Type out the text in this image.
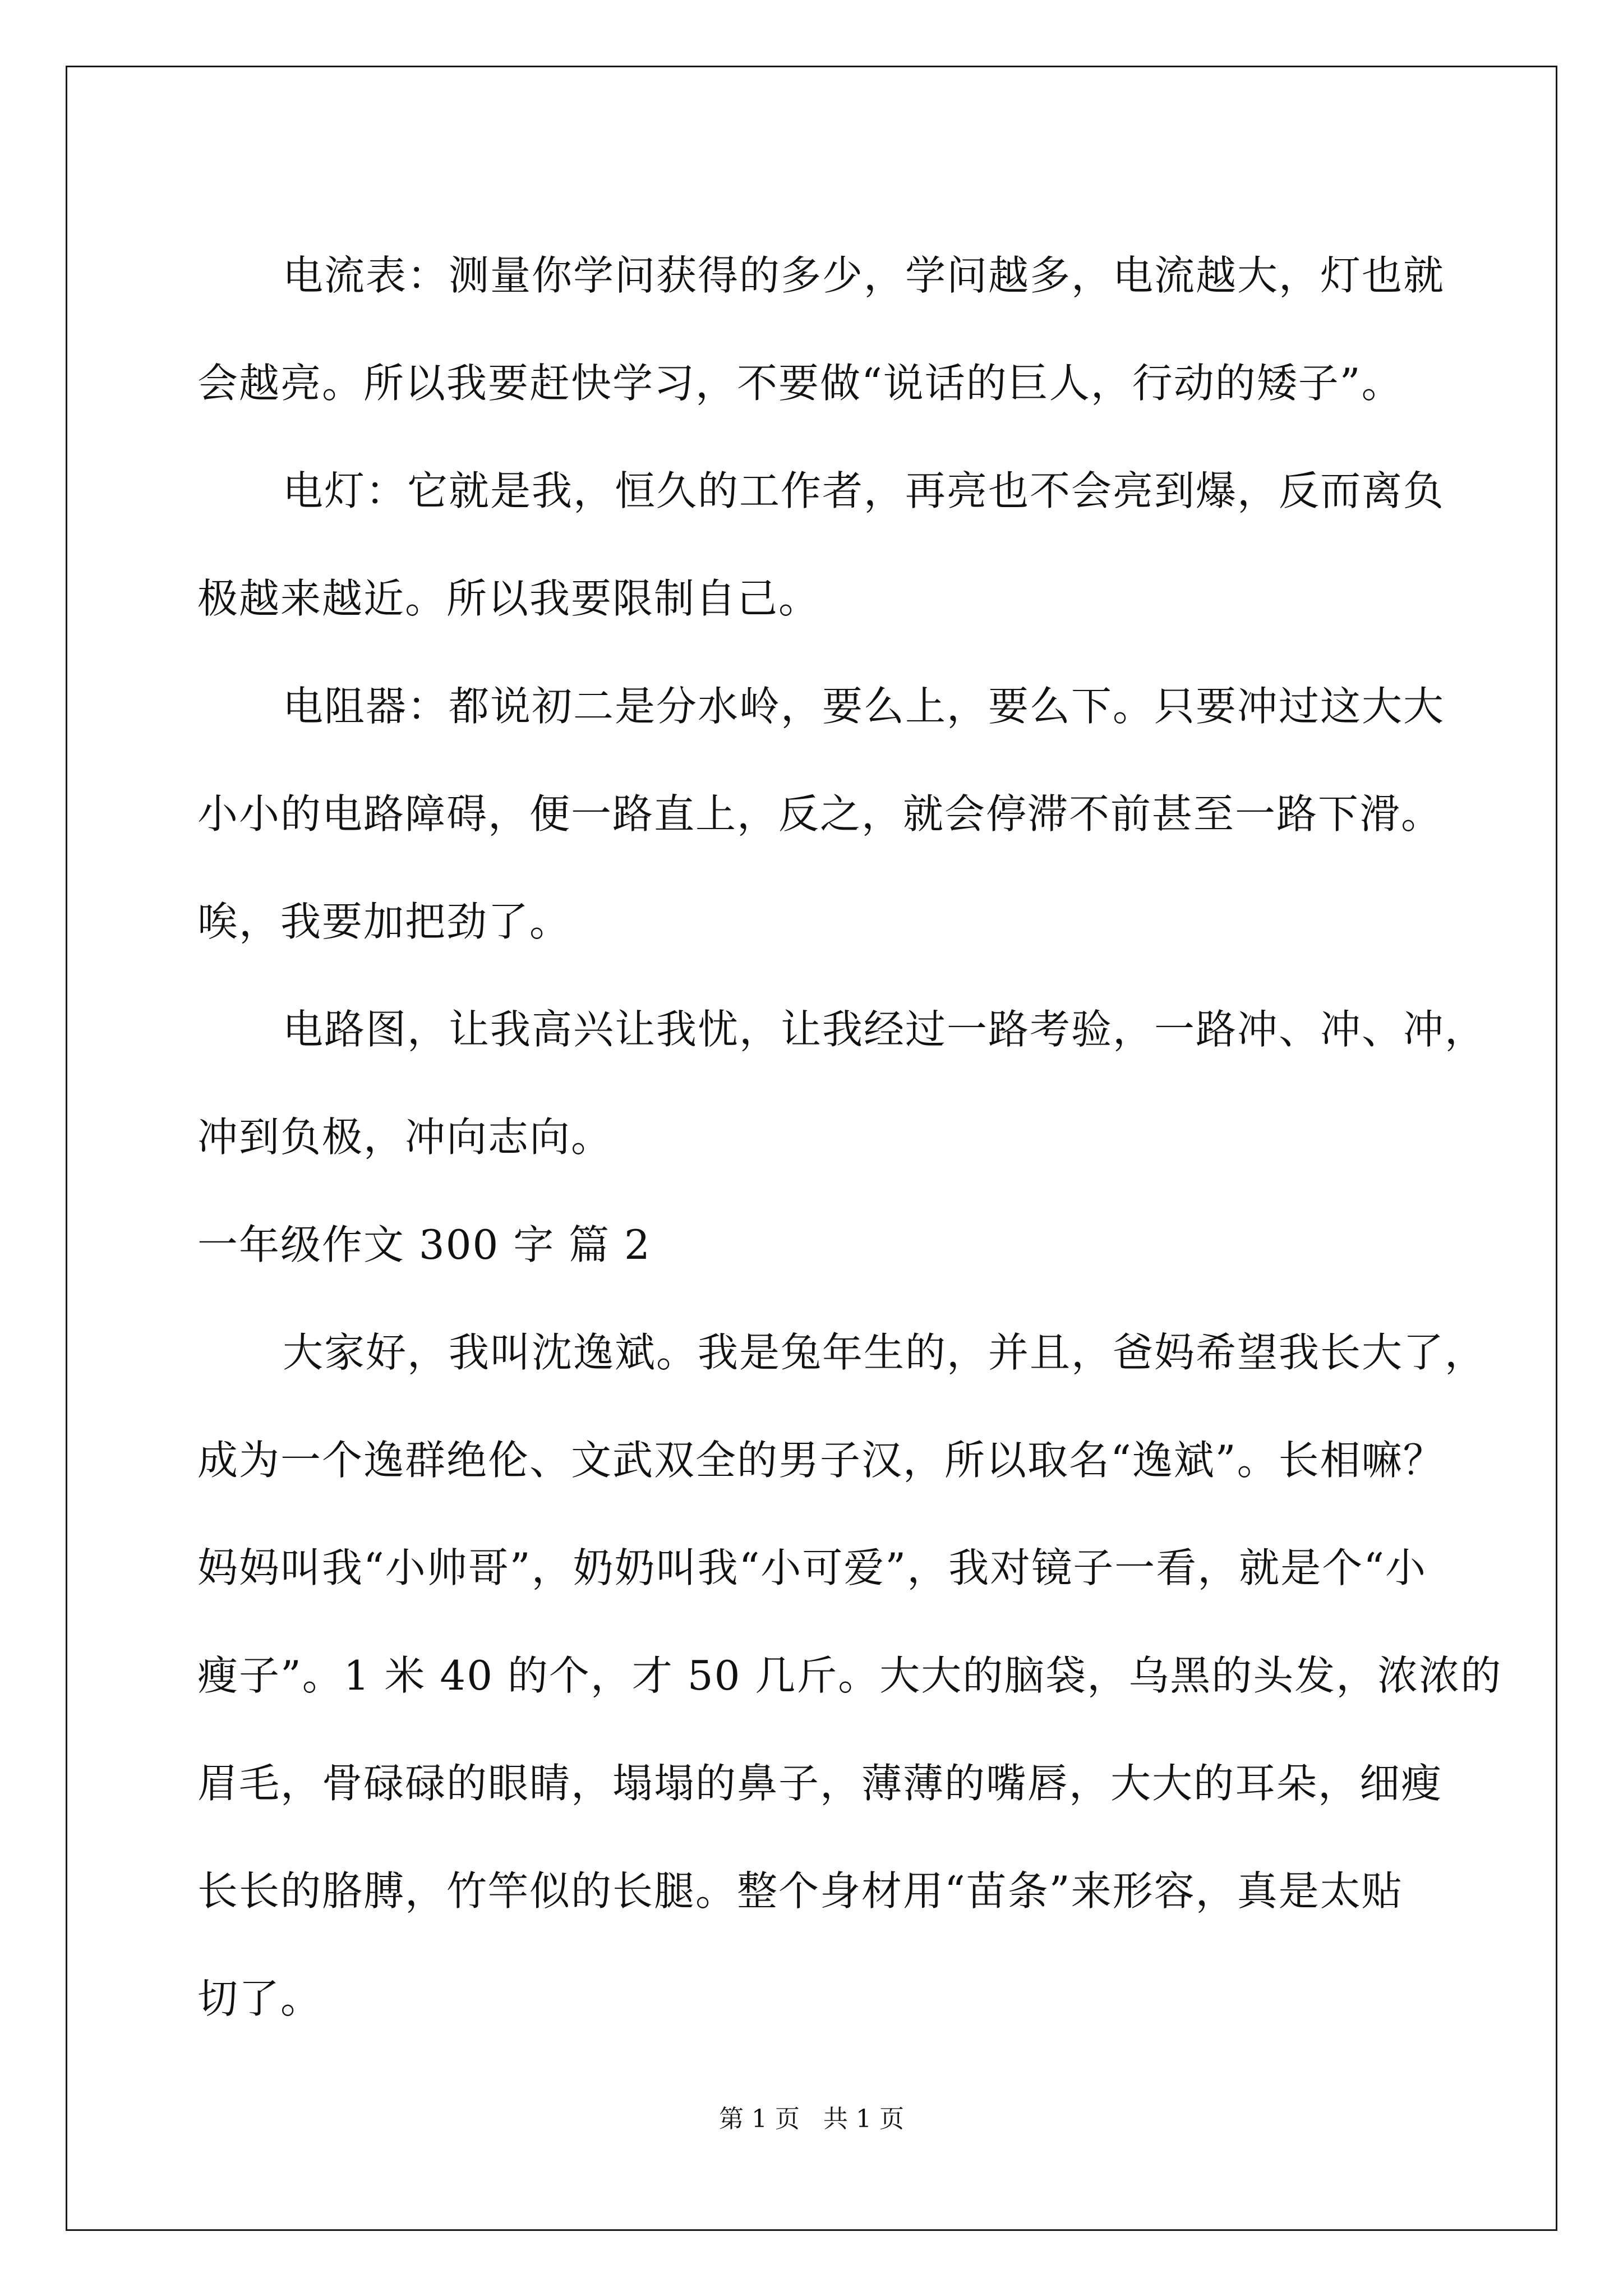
电流表：测量你学问获得的多少，学问越多，电流越大，灯也就

会越亮。所以我要赶快学习，不要做“说话的巨人，行动的矮子”。

电灯：它就是我，恒久的工作者，再亮也不会亮到爆，反而离负

极越来越近。所以我要限制自己。

电阻器：都说初二是分水岭，要么上，要么下。只要冲过这大大

小小的电路障碍，便一路直上，反之，就会停滞不前甚至一路下滑。

唉，我要加把劲了。

电路图，让我高兴让我忧，让我经过一路考验，一路冲、冲、冲，

冲到负极，冲向志向。

一年级作文 300 字 篇 2

大家好，我叫沈逸斌。我是兔年生的，并且，爸妈希望我长大了，

成为一个逸群绝伦、文武双全的男子汉，所以取名“逸斌”。长相嘛？

妈妈叫我“小帅哥”，奶奶叫我“小可爱”，我对镜子一看，就是个“小

瘦子”。1 米 40 的个，才 50 几斤。大大的脑袋，乌黑的头发，浓浓的

眉毛，骨碌碌的眼睛，塌塌的鼻子，薄薄的嘴唇，大大的耳朵，细瘦

长长的胳膊，竹竿似的长腿。整个身材用“苗条”来形容，真是太贴

切了。

第 1 页   共 1 页
